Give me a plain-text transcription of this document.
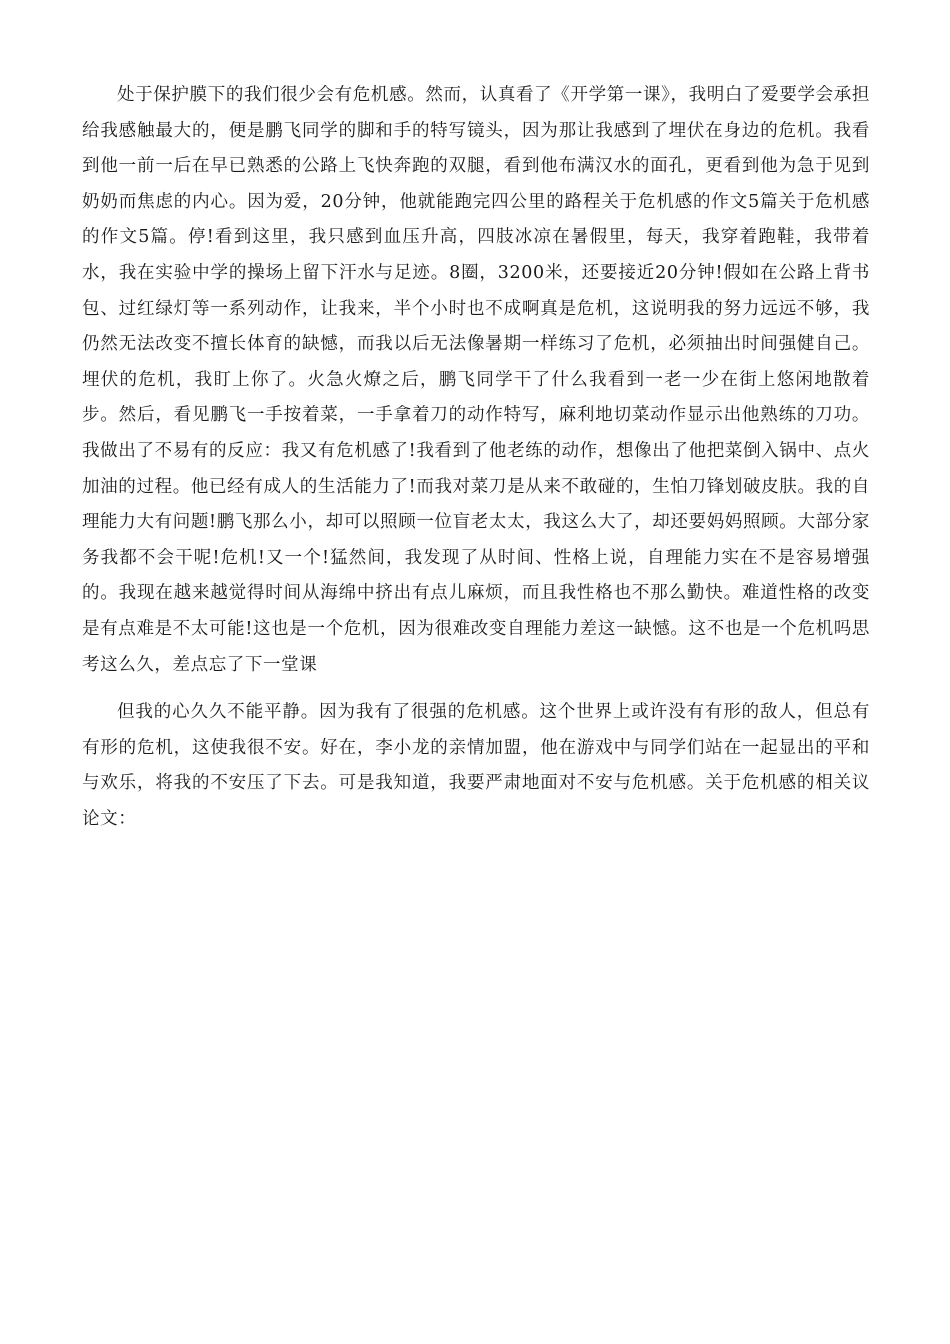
处于保护膜下的我们很少会有危机感。然而，认真看了《开学第一课》，我明白了爱要学会承担给我感触最大的，便是鹏飞同学的脚和手的特写镜头，因为那让我感到了埋伏在身边的危机。我看到他一前一后在早已熟悉的公路上飞快奔跑的双腿，看到他布满汉水的面孔，更看到他为急于见到奶奶而焦虑的内心。因为爱，20分钟，他就能跑完四公里的路程关于危机感的作文5篇关于危机感的作文5篇。停!看到这里，我只感到血压升高，四肢冰凉在暑假里，每天，我穿着跑鞋，我带着水，我在实验中学的操场上留下汗水与足迹。8圈，3200米，还要接近20分钟!假如在公路上背书包、过红绿灯等一系列动作，让我来，半个小时也不成啊真是危机，这说明我的努力远远不够，我仍然无法改变不擅长体育的缺憾，而我以后无法像暑期一样练习了危机，必须抽出时间强健自己。埋伏的危机，我盯上你了。火急火燎之后，鹏飞同学干了什么我看到一老一少在街上悠闲地散着步。然后，看见鹏飞一手按着菜，一手拿着刀的动作特写，麻利地切菜动作显示出他熟练的刀功。我做出了不易有的反应：我又有危机感了!我看到了他老练的动作，想像出了他把菜倒入锅中、点火加油的过程。他已经有成人的生活能力了!而我对菜刀是从来不敢碰的，生怕刀锋划破皮肤。我的自理能力大有问题!鹏飞那么小，却可以照顾一位盲老太太，我这么大了，却还要妈妈照顾。大部分家务我都不会干呢!危机!又一个!猛然间，我发现了从时间、性格上说，自理能力实在不是容易增强的。我现在越来越觉得时间从海绵中挤出有点儿麻烦，而且我性格也不那么勤快。难道性格的改变是有点难是不太可能!这也是一个危机，因为很难改变自理能力差这一缺憾。这不也是一个危机吗思考这么久，差点忘了下一堂课

但我的心久久不能平静。因为我有了很强的危机感。这个世界上或许没有有形的敌人，但总有有形的危机，这使我很不安。好在，李小龙的亲情加盟，他在游戏中与同学们站在一起显出的平和与欢乐，将我的不安压了下去。可是我知道，我要严肃地面对不安与危机感。关于危机感的相关议论文：
